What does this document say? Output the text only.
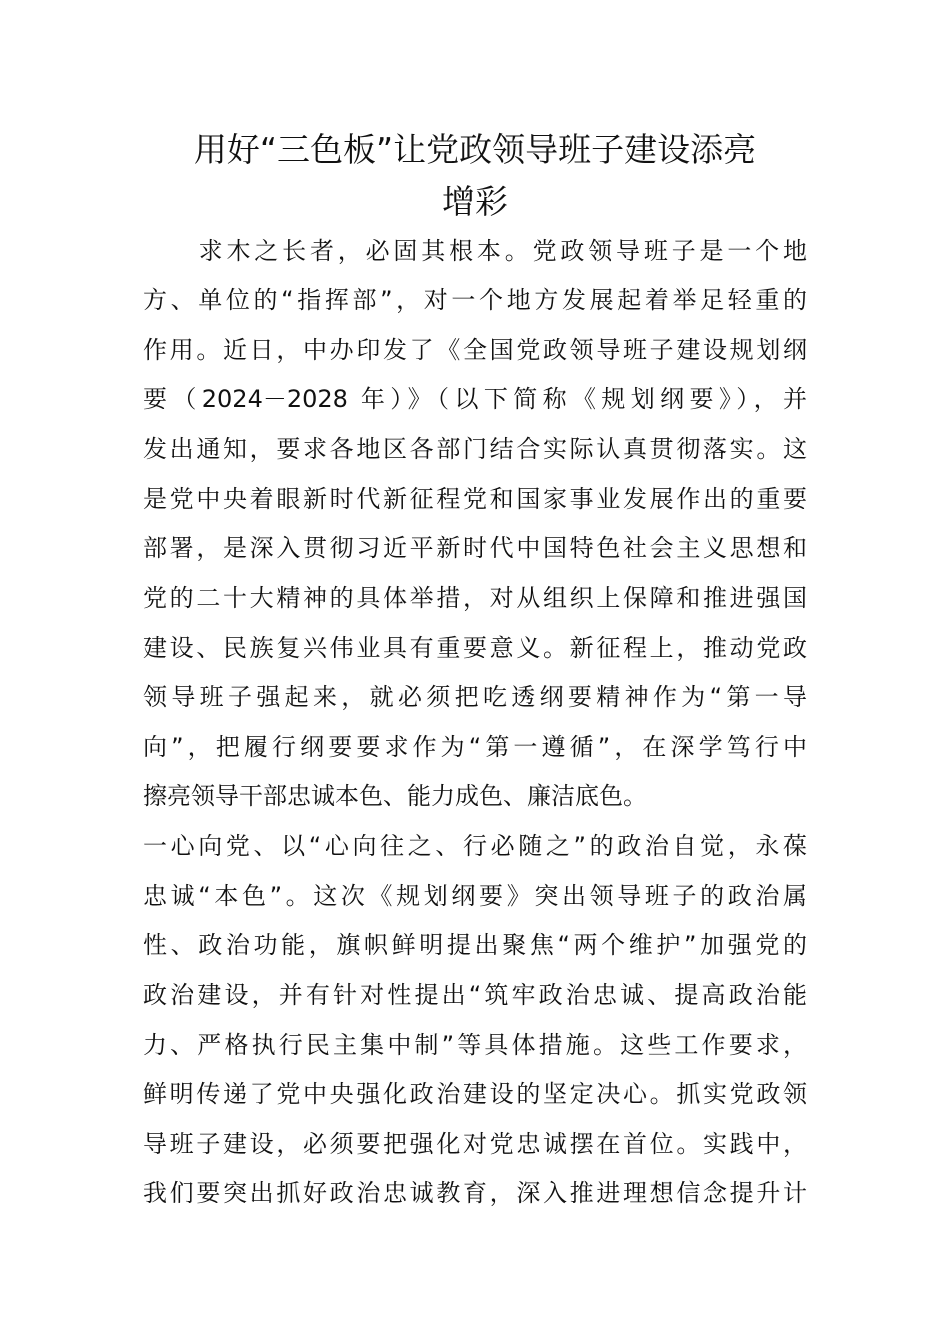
用好“三色板”让党政领导班子建设添亮
增彩
　　求木之长者，必固其根本。党政领导班子是一个地
方、单位的“指挥部”，对一个地方发展起着举足轻重的
作用。近日，中办印发了《全国党政领导班子建设规划纲
要（2024－2028 年）》（以下简称《规划纲要》），并
发出通知，要求各地区各部门结合实际认真贯彻落实。这
是党中央着眼新时代新征程党和国家事业发展作出的重要
部署，是深入贯彻习近平新时代中国特色社会主义思想和
党的二十大精神的具体举措，对从组织上保障和推进强国
建设、民族复兴伟业具有重要意义。新征程上，推动党政
领导班子强起来，就必须把吃透纲要精神作为“第一导
向”，把履行纲要要求作为“第一遵循”，在深学笃行中
擦亮领导干部忠诚本色、能力成色、廉洁底色。
一心向党、以“心向往之、行必随之”的政治自觉，永葆
忠诚“本色”。这次《规划纲要》突出领导班子的政治属
性、政治功能，旗帜鲜明提出聚焦“两个维护”加强党的
政治建设，并有针对性提出“筑牢政治忠诚、提高政治能
力、严格执行民主集中制”等具体措施。这些工作要求，
鲜明传递了党中央强化政治建设的坚定决心。抓实党政领
导班子建设，必须要把强化对党忠诚摆在首位。实践中，
我们要突出抓好政治忠诚教育，深入推进理想信念提升计
